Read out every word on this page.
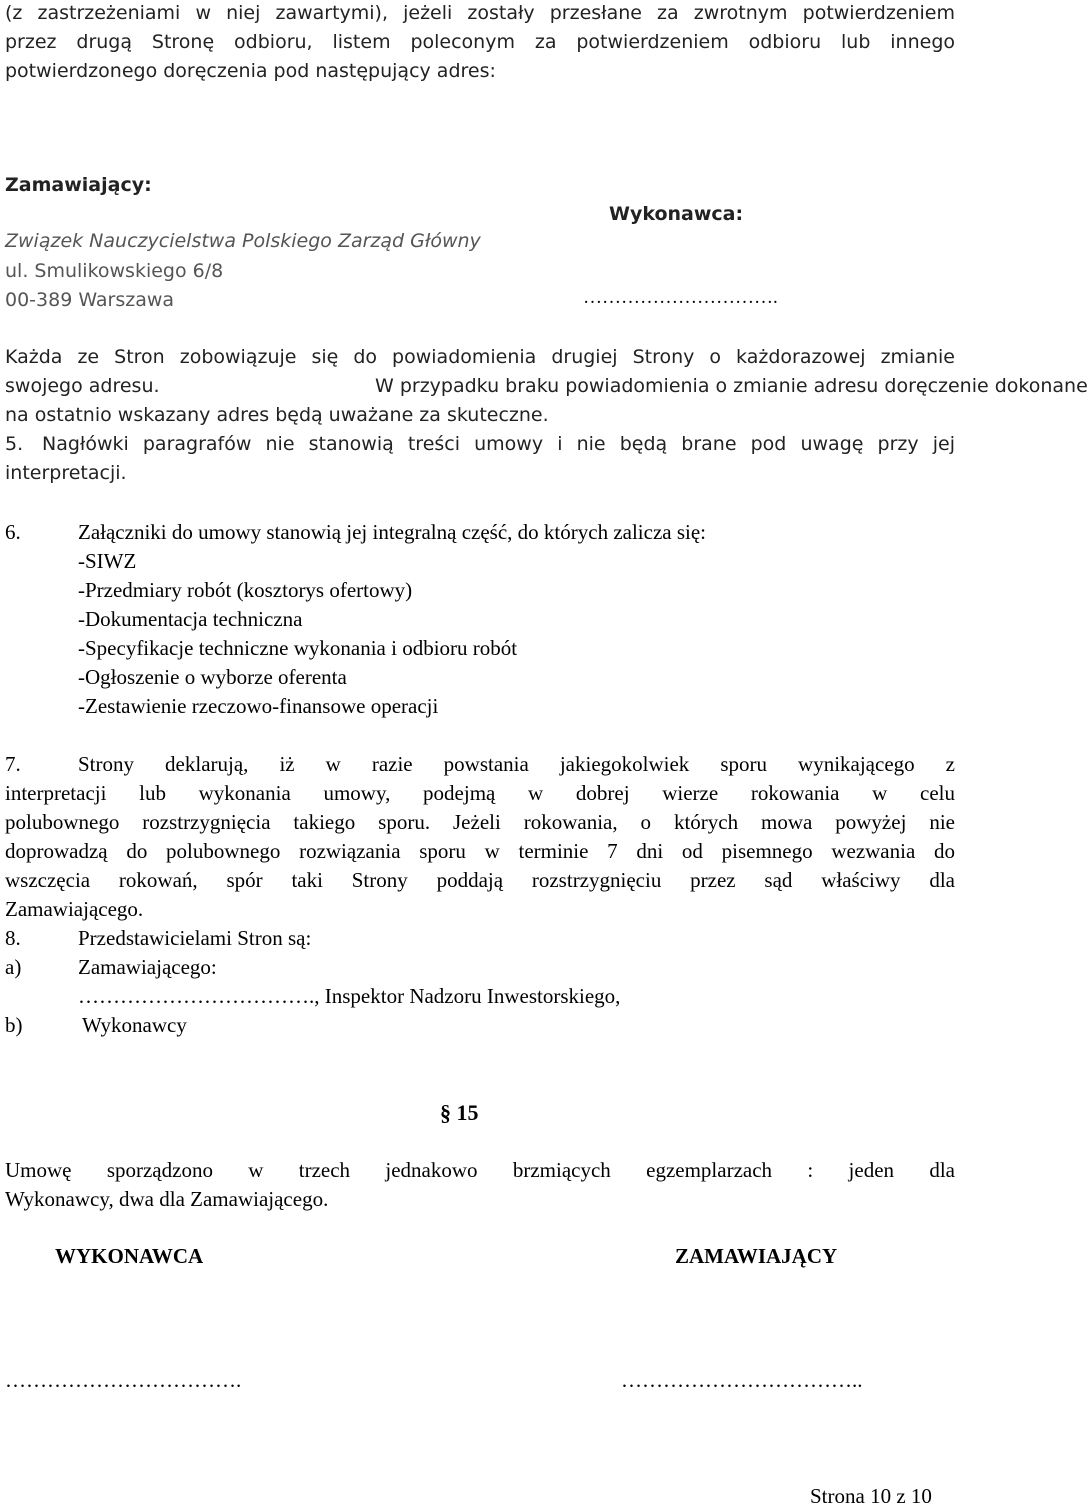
(z zastrzeżeniami w niej zawartymi), jeżeli zostały przesłane za zwrotnym potwierdzeniem
przez drugą Stronę odbioru, listem poleconym za potwierdzeniem odbioru lub innego
potwierdzonego doręczenia pod następujący adres:
Zamawiający:
Wykonawca:
Związek Nauczycielstwa Polskiego Zarząd Główny
ul. Smulikowskiego 6/8
00-389 Warszawa	………………………….
Każda ze Stron zobowiązuje się do powiadomienia drugiej Strony o każdorazowej zmianie
swojego adresu.	W przypadku braku powiadomienia o zmianie adresu doręczenie dokonane
na ostatnio wskazany adres będą uważane za skuteczne.
5. Nagłówki paragrafów nie stanowią treści umowy i nie będą brane pod uwagę przy jej
interpretacji.
6.	Załączniki do umowy stanowią jej integralną część, do których zalicza się:
-SIWZ
-Przedmiary robót (kosztorys ofertowy)
-Dokumentacja techniczna
-Specyfikacje techniczne wykonania i odbioru robót
-Ogłoszenie o wyborze oferenta
-Zestawienie rzeczowo-finansowe operacji
7.	Strony deklarują, iż w razie powstania jakiegokolwiek sporu wynikającego z
interpretacji lub wykonania umowy, podejmą w dobrej wierze rokowania w celu
polubownego rozstrzygnięcia takiego sporu. Jeżeli rokowania, o których mowa powyżej nie
doprowadzą do polubownego rozwiązania sporu w terminie 7 dni od pisemnego wezwania do
wszczęcia rokowań, spór taki Strony poddają rozstrzygnięciu przez sąd właściwy dla
Zamawiającego.
8.	Przedstawicielami Stron są:
a)	Zamawiającego:
……………………………., Inspektor Nadzoru Inwestorskiego,
b)	Wykonawcy
§ 15
Umowę sporządzono w trzech jednakowo brzmiących egzemplarzach : jeden dla
Wykonawcy, dwa dla Zamawiającego.
WYKONAWCA	ZAMAWIAJĄCY
…………………………….	……………………………..
Strona 10 z 10
